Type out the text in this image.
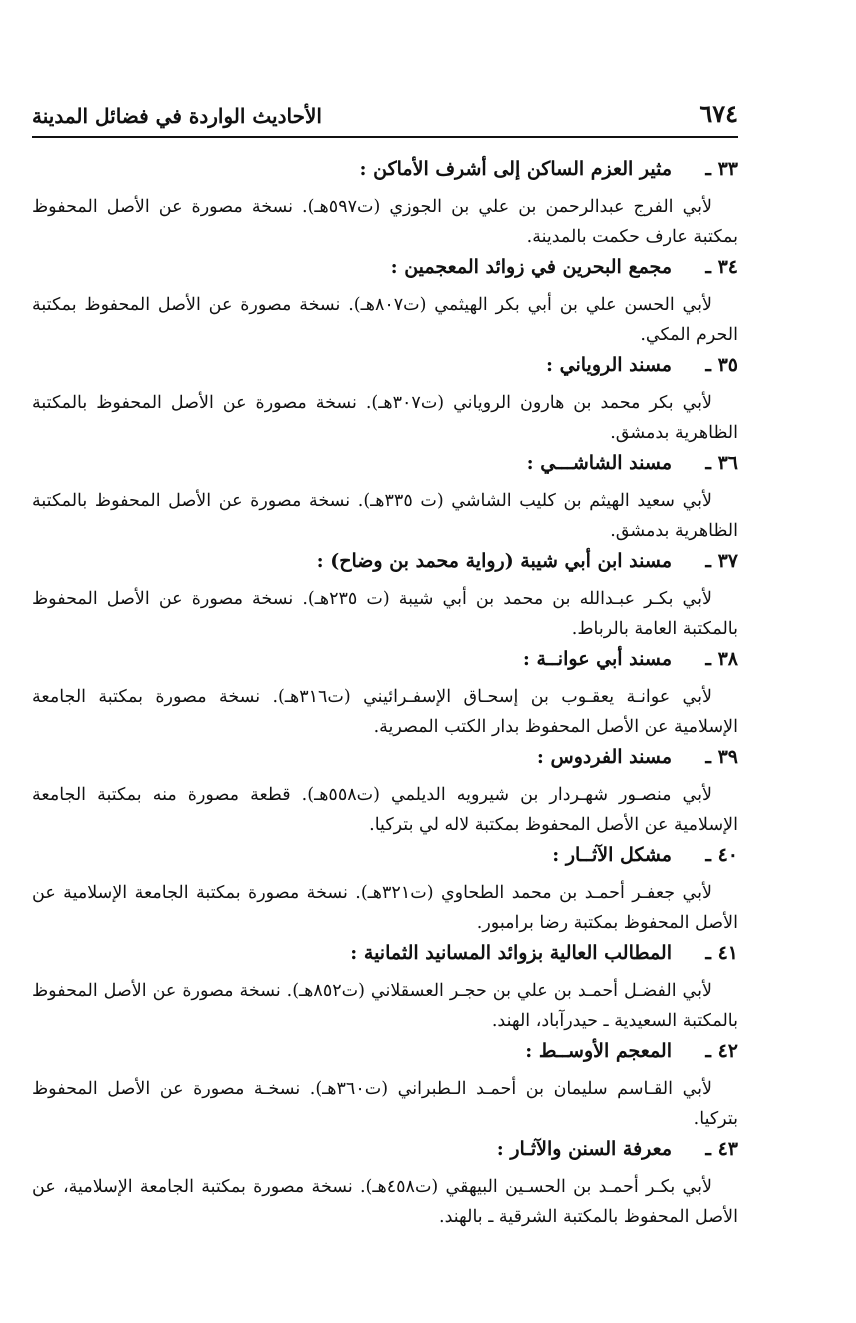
٦٧٤
الأحاديث الواردة في فضائل المدينة
٣٣ ـ
مثير العزم الساكن إلى أشرف الأماكن :
لأبي الفرج عبدالرحمن بن علي بن الجوزي (ت٥٩٧هـ). نسخة مصورة عن الأصل المحفوظ بمكتبة عارف حكمت بالمدينة.
٣٤ ـ
مجمع البحرين في زوائد المعجمين :
لأبي الحسن علي بن أبي بكر الهيثمي (ت٨٠٧هـ). نسخة مصورة عن الأصل المحفوظ بمكتبة الحرم المكي.
٣٥ ـ
مسند الروياني :
لأبي بكر محمد بن هارون الروياني (ت٣٠٧هـ). نسخة مصورة عن الأصل المحفوظ بالمكتبة الظاهرية بدمشق.
٣٦ ـ
مسند الشاشـــي :
لأبي سعيد الهيثم بن كليب الشاشي (ت ٣٣٥هـ). نسخة مصورة عن الأصل المحفوظ بالمكتبة الظاهرية بدمشق.
٣٧ ـ
مسند ابن أبي شيبة (رواية محمد بن وضاح) :
لأبي بكـر عبـدالله بن محمد بن أبي شيبة (ت ٢٣٥هـ). نسخة مصورة عن الأصل المحفوظ بالمكتبة العامة بالرباط.
٣٨ ـ
مسند أبي عوانــة :
لأبي عوانـة يعقـوب بن إسحـاق الإسفـرائيني (ت٣١٦هـ). نسخة مصورة بمكتبة الجامعة الإسلامية عن الأصل المحفوظ بدار الكتب المصرية.
٣٩ ـ
مسند الفردوس :
لأبي منصـور شهـردار بن شيرويه الديلمي (ت٥٥٨هـ). قطعة مصورة منه بمكتبة الجامعة الإسلامية عن الأصل المحفوظ بمكتبة لاله لي بتركيا.
٤٠ ـ
مشكل الآثــار :
لأبي جعفـر أحمـد بن محمد الطحاوي (ت٣٢١هـ). نسخة مصورة بمكتبة الجامعة الإسلامية عن الأصل المحفوظ بمكتبة رضا برامبور.
٤١ ـ
المطالب العالية بزوائد المسانيد الثمانية :
لأبي الفضـل أحمـد بن علي بن حجـر العسقلاني (ت٨٥٢هـ). نسخة مصورة عن الأصل المحفوظ بالمكتبة السعيدية ـ حيدرآباد، الهند.
٤٢ ـ
المعجم الأوســط :
لأبي القـاسم سليمان بن أحمـد الـطبراني (ت٣٦٠هـ). نسخـة مصورة عن الأصل المحفوظ بتركيا.
٤٣ ـ
معرفة السنن والآثـار :
لأبي بكـر أحمـد بن الحسـين البيهقي (ت٤٥٨هـ). نسخة مصورة بمكتبة الجامعة الإسلامية، عن الأصل المحفوظ بالمكتبة الشرقية ـ بالهند.
